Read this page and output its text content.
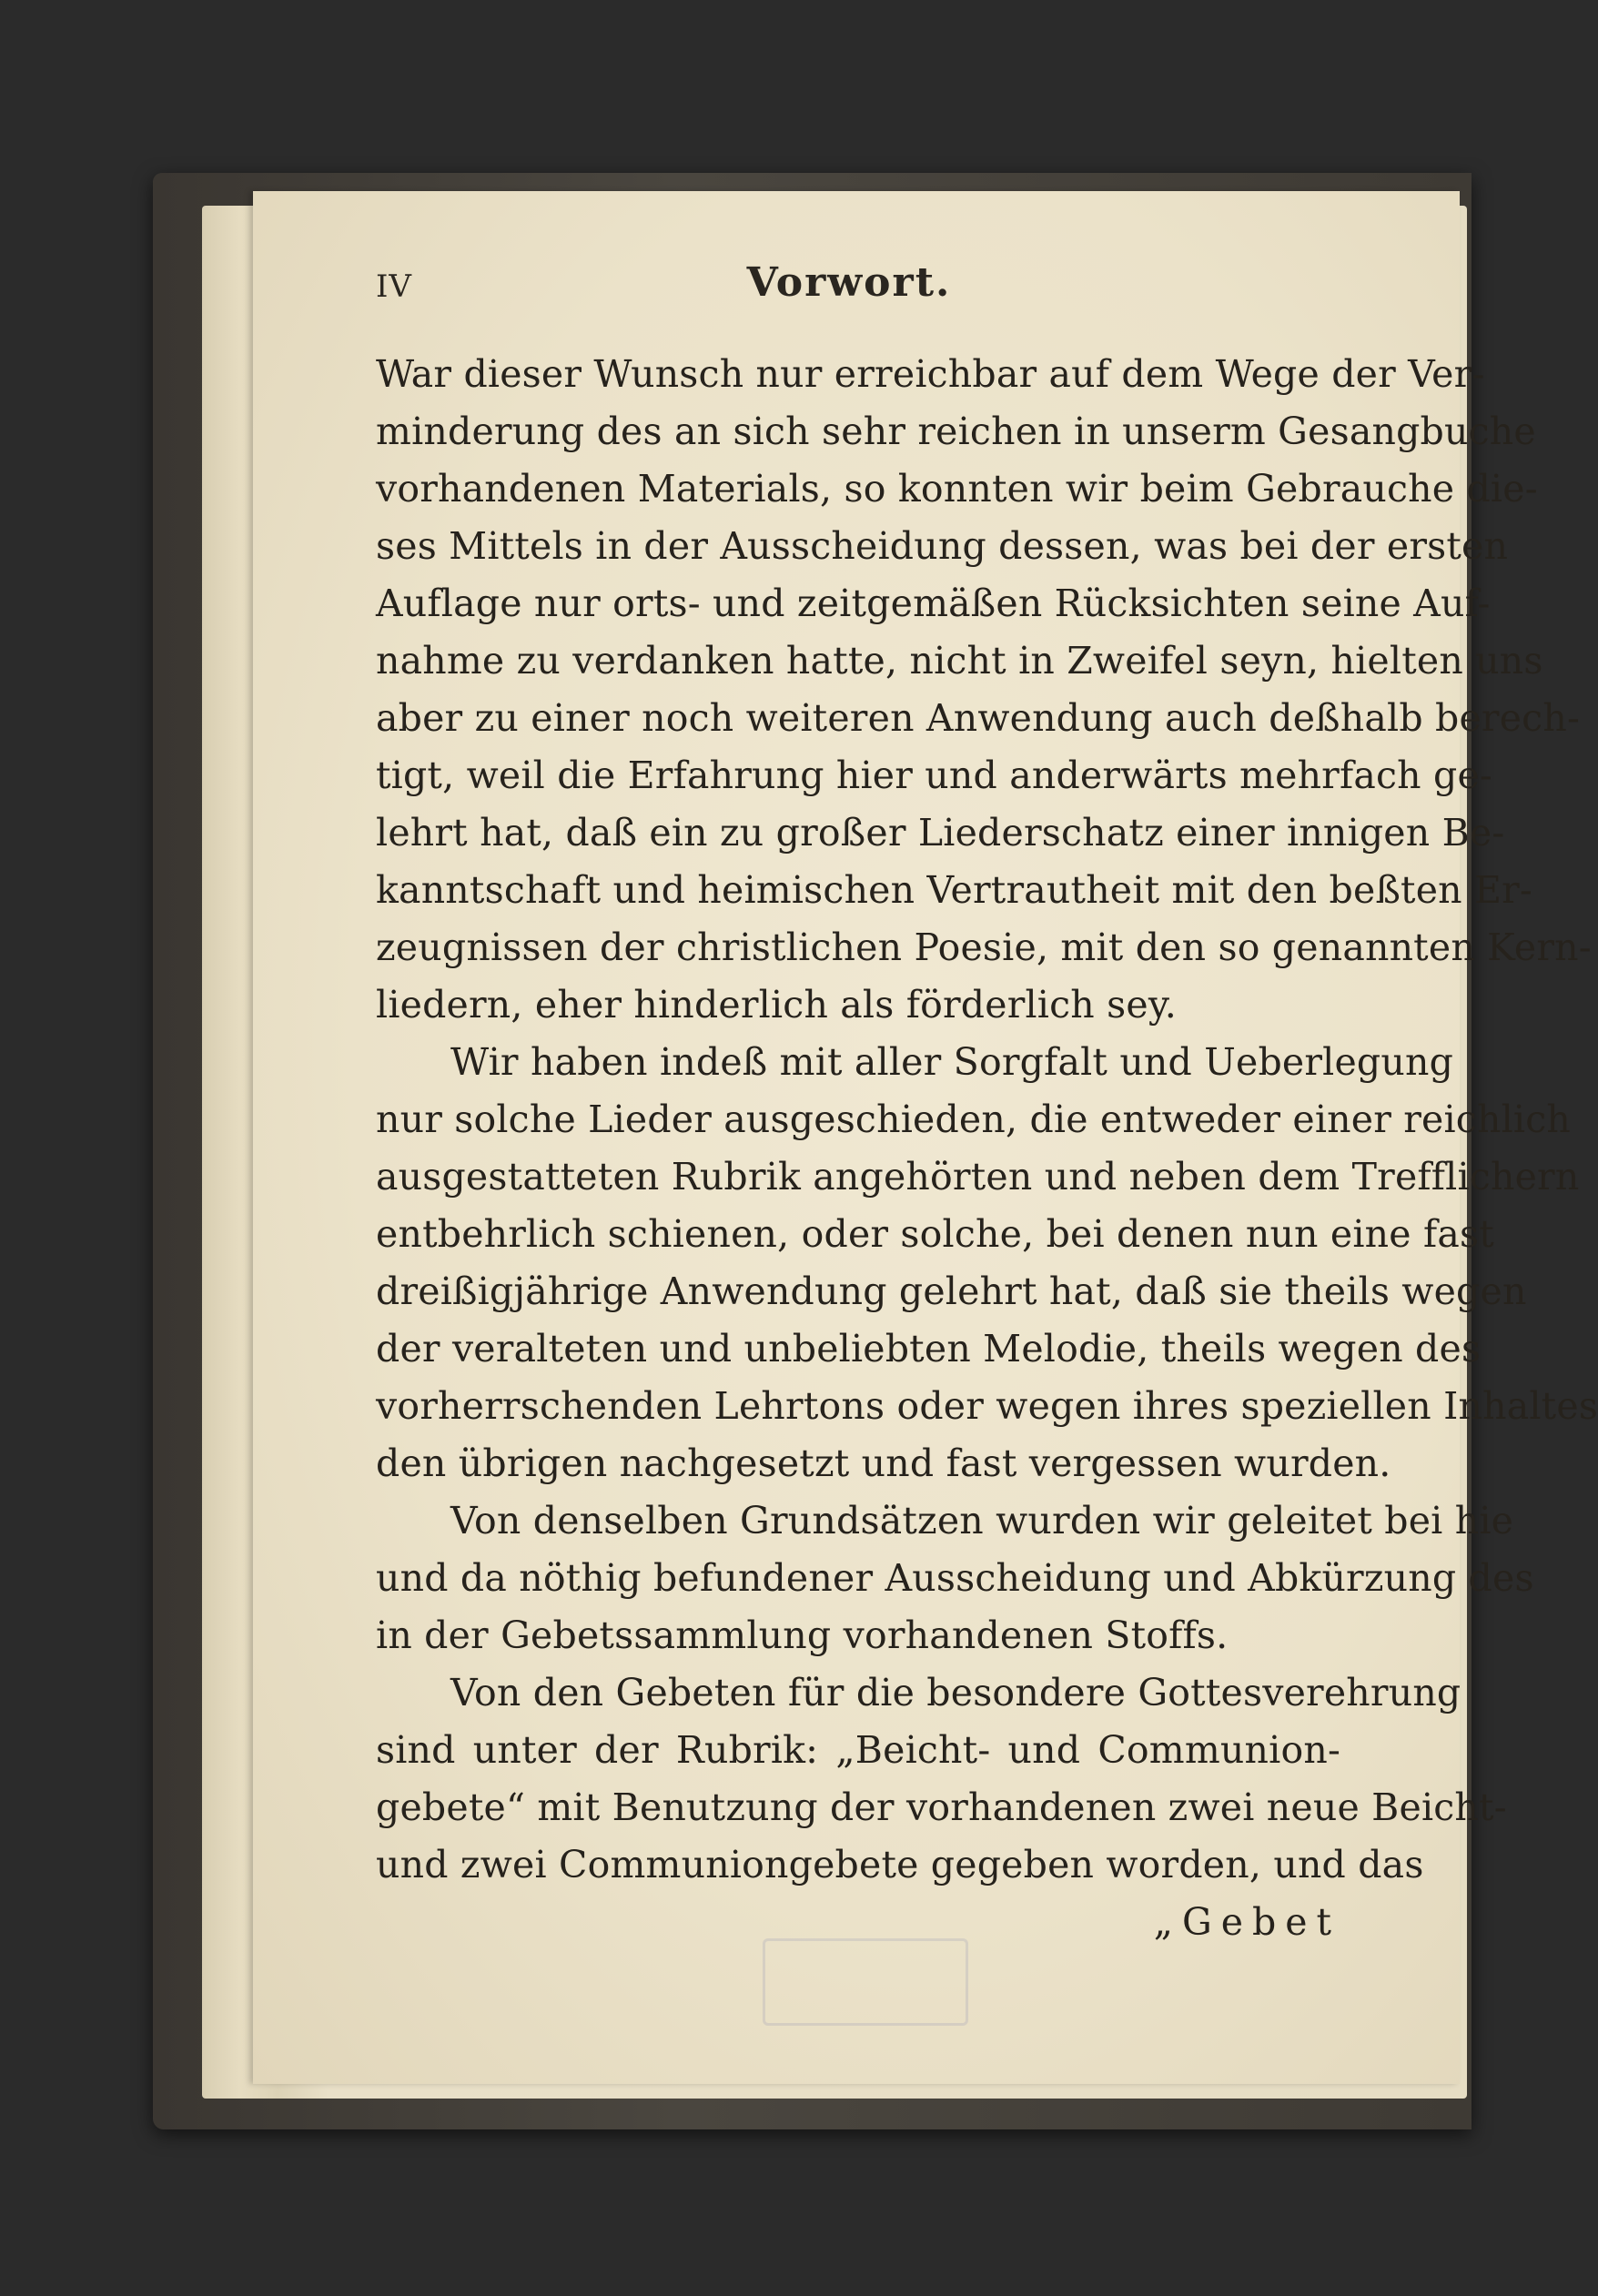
IV	Vorwort.
War dieser Wunsch nur erreichbar auf dem Wege der Ver-
minderung des an sich sehr reichen in unserm Gesangbuche
vorhandenen Materials, so konnten wir beim Gebrauche die-
ses Mittels in der Ausscheidung dessen, was bei der ersten
Auflage nur orts- und zeitgemäßen Rücksichten seine Auf-
nahme zu verdanken hatte, nicht in Zweifel seyn, hielten uns
aber zu einer noch weiteren Anwendung auch deßhalb berech-
tigt, weil die Erfahrung hier und anderwärts mehrfach ge-
lehrt hat, daß ein zu großer Liederschatz einer innigen Be-
kanntschaft und heimischen Vertrautheit mit den beßten Er-
zeugnissen der christlichen Poesie, mit den so genannten Kern-
liedern, eher hinderlich als förderlich sey.
Wir haben indeß mit aller Sorgfalt und Ueberlegung
nur solche Lieder ausgeschieden, die entweder einer reichlich
ausgestatteten Rubrik angehörten und neben dem Trefflichern
entbehrlich schienen, oder solche, bei denen nun eine fast
dreißigjährige Anwendung gelehrt hat, daß sie theils wegen
der veralteten und unbeliebten Melodie, theils wegen des
vorherrschenden Lehrtons oder wegen ihres speziellen Inhaltes
den übrigen nachgesetzt und fast vergessen wurden.
Von denselben Grundsätzen wurden wir geleitet bei hie
und da nöthig befundener Ausscheidung und Abkürzung des
in der Gebetssammlung vorhandenen Stoffs.
Von den Gebeten für die besondere Gottesverehrung
sind unter der Rubrik: „Beicht- und Communion-
gebete“ mit Benutzung der vorhandenen zwei neue Beicht-
und zwei Communiongebete gegeben worden, und das
„Gebet
